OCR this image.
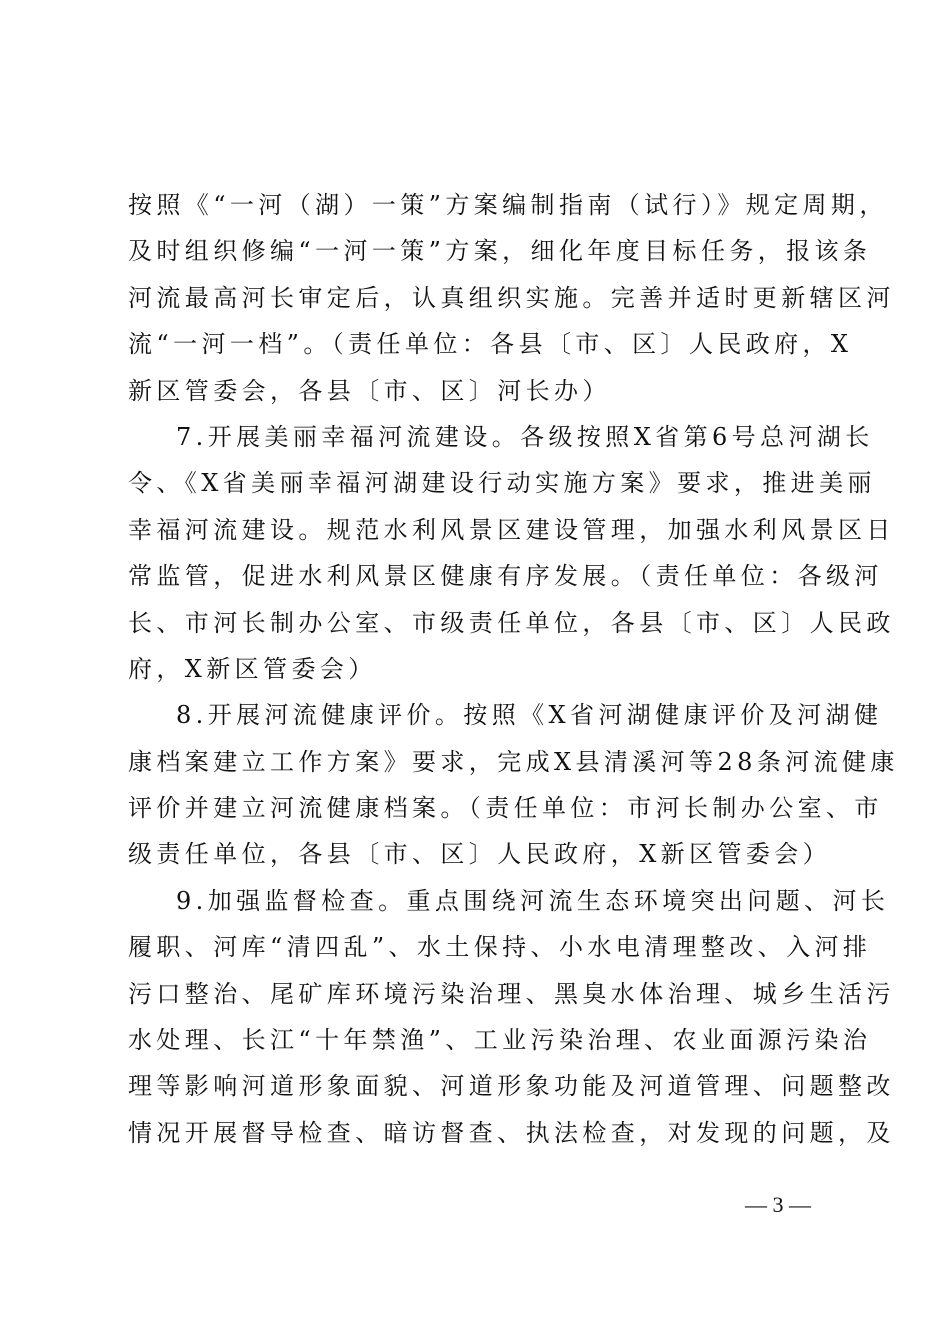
按照《“一河（湖）一策”方案编制指南（试行）》规定周期，
及时组织修编“一河一策”方案，细化年度目标任务，报该条
河流最高河长审定后，认真组织实施。完善并适时更新辖区河
流“一河一档”。（责任单位：各县〔市、区〕人民政府，X
新区管委会，各县〔市、区〕河长办）
7.开展美丽幸福河流建设。各级按照X省第6号总河湖长
令、《X省美丽幸福河湖建设行动实施方案》要求，推进美丽
幸福河流建设。规范水利风景区建设管理，加强水利风景区日
常监管，促进水利风景区健康有序发展。（责任单位：各级河
长、市河长制办公室、市级责任单位，各县〔市、区〕人民政
府，X新区管委会）
8.开展河流健康评价。按照《X省河湖健康评价及河湖健
康档案建立工作方案》要求，完成X县清溪河等28条河流健康
评价并建立河流健康档案。（责任单位：市河长制办公室、市
级责任单位，各县〔市、区〕人民政府，X新区管委会）
9.加强监督检查。重点围绕河流生态环境突出问题、河长
履职、河库“清四乱”、水土保持、小水电清理整改、入河排
污口整治、尾矿库环境污染治理、黑臭水体治理、城乡生活污
水处理、长江“十年禁渔”、工业污染治理、农业面源污染治
理等影响河道形象面貌、河道形象功能及河道管理、问题整改
情况开展督导检查、暗访督查、执法检查，对发现的问题，及
— 3 —
